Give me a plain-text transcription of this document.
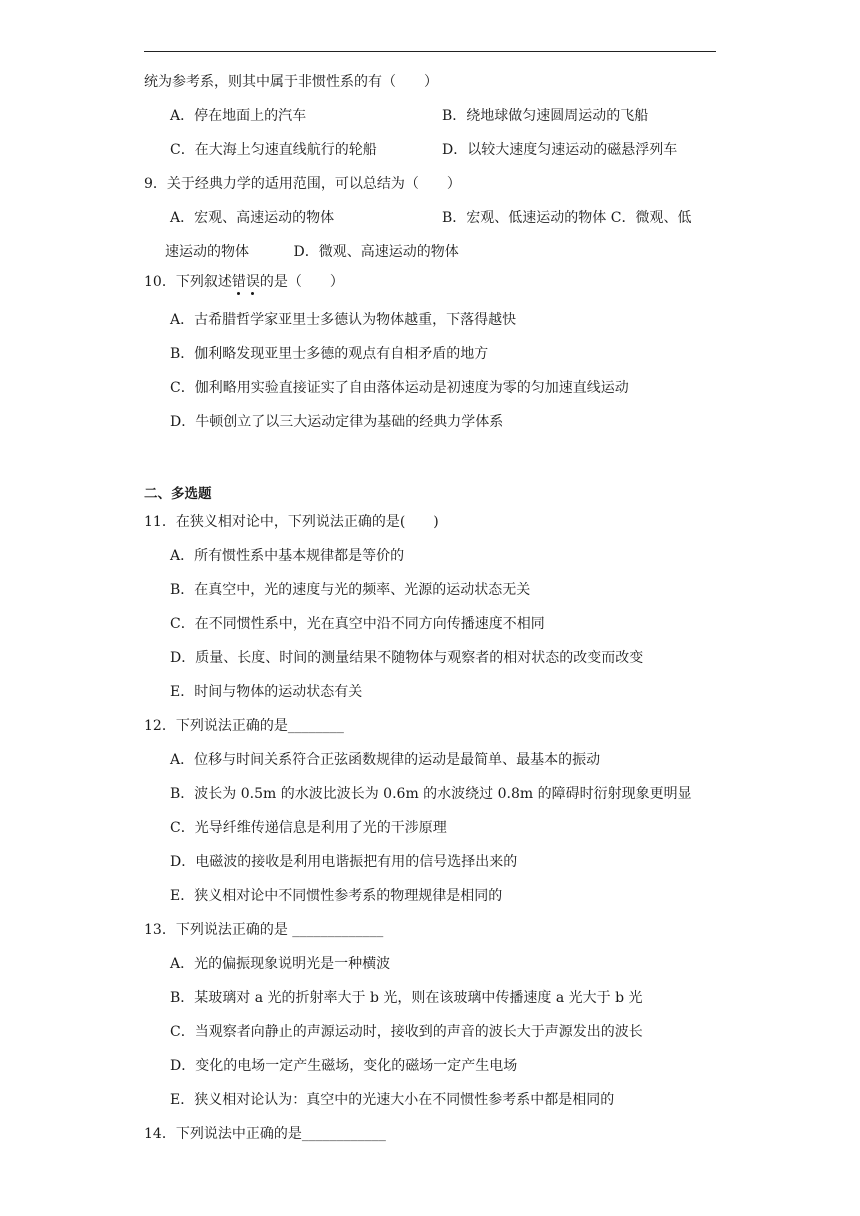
统为参考系，则其中属于非惯性系的有（　　）
A．停在地面上的汽车	B．绕地球做匀速圆周运动的飞船
C．在大海上匀速直线航行的轮船	D．以较大速度匀速运动的磁悬浮列车
9．关于经典力学的适用范围，可以总结为（　　）
A．宏观、高速运动的物体	B．宏观、低速运动的物体 C．微观、低
速运动的物体          D．微观、高速运动的物体
10．下列叙述错误
的是（　　）
A．古希腊哲学家亚里士多德认为物体越重，下落得越快
B．伽利略发现亚里士多德的观点有自相矛盾的地方
C．伽利略用实验直接证实了自由落体运动是初速度为零的匀加速直线运动
D．牛顿创立了以三大运动定律为基础的经典力学体系
二、多选题
11．在狭义相对论中，下列说法正确的是(　　)
A．所有惯性系中基本规律都是等价的
B．在真空中，光的速度与光的频率、光源的运动状态无关
C．在不同惯性系中，光在真空中沿不同方向传播速度不相同
D．质量、长度、时间的测量结果不随物体与观察者的相对状态的改变而改变
E．时间与物体的运动状态有关
12．下列说法正确的是________
A．位移与时间关系符合正弦函数规律的运动是最简单、最基本的振动
B．波长为 0.5m 的水波比波长为 0.6m 的水波绕过 0.8m 的障碍时衍射现象更明显
C．光导纤维传递信息是利用了光的干涉原理
D．电磁波的接收是利用电谐振把有用的信号选择出来的
E．狭义相对论中不同惯性参考系的物理规律是相同的
13．下列说法正确的是 _____________
A．光的偏振现象说明光是一种横波
B．某玻璃对 a 光的折射率大于 b 光，则在该玻璃中传播速度 a 光大于 b 光
C．当观察者向静止的声源运动时，接收到的声音的波长大于声源发出的波长
D．变化的电场一定产生磁场，变化的磁场一定产生电场
E．狭义相对论认为：真空中的光速大小在不同惯性参考系中都是相同的
14．下列说法中正确的是____________
